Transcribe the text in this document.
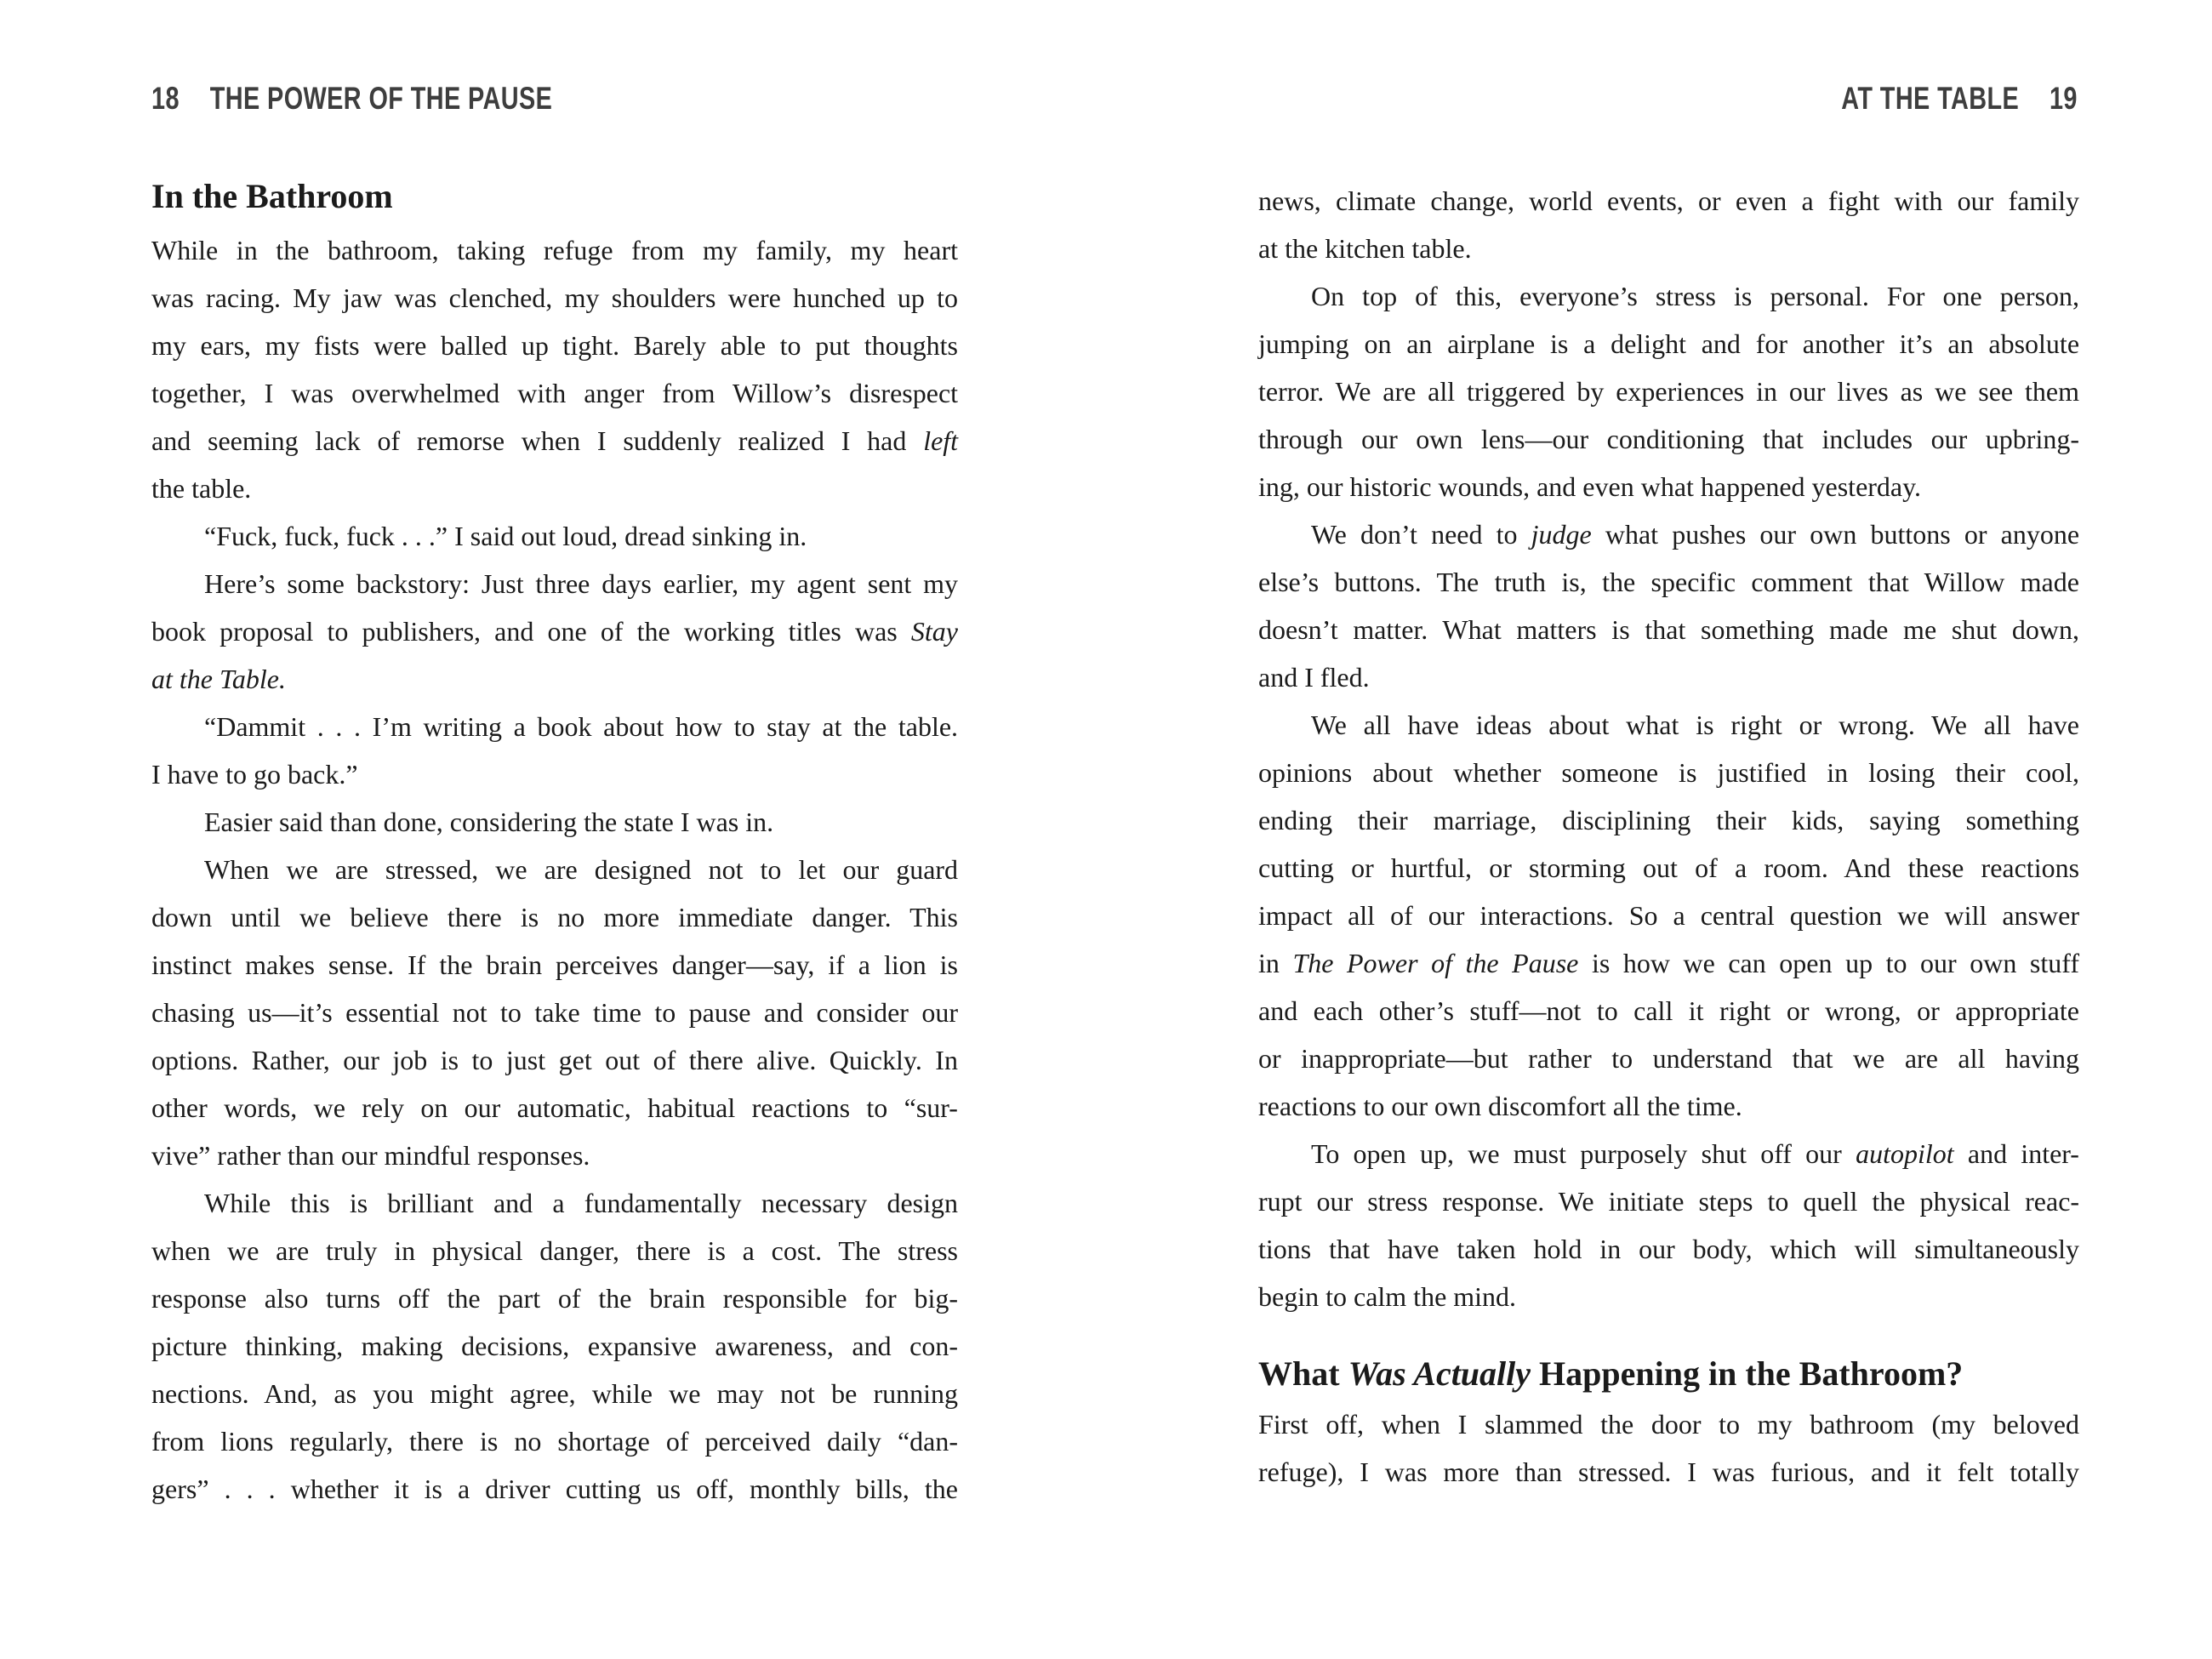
18 THE POWER OF THE PAUSE
In the Bathroom
While in the bathroom, taking refuge from my family, my heart
was racing. My jaw was clenched, my shoulders were hunched up to
my ears, my fists were balled up tight. Barely able to put thoughts
together, I was overwhelmed with anger from Willow’s disrespect
and seeming lack of remorse when I suddenly realized I had left
the table.
“Fuck, fuck, fuck . . .” I said out loud, dread sinking in.
Here’s some backstory: Just three days earlier, my agent sent my
book proposal to publishers, and one of the working titles was Stay
at the Table.
“Dammit . . . I’m writing a book about how to stay at the table.
I have to go back.”
Easier said than done, considering the state I was in.
When we are stressed, we are designed not to let our guard
down until we believe there is no more immediate danger. This
instinct makes sense. If the brain perceives danger—say, if a lion is
chasing us—it’s essential not to take time to pause and consider our
options. Rather, our job is to just get out of there alive. Quickly. In
other words, we rely on our automatic, habitual reactions to “sur-
vive” rather than our mindful responses.
While this is brilliant and a fundamentally necessary design
when we are truly in physical danger, there is a cost. The stress
response also turns off the part of the brain responsible for big-
picture thinking, making decisions, expansive awareness, and con-
nections. And, as you might agree, while we may not be running
from lions regularly, there is no shortage of perceived daily “dan-
gers” . . . whether it is a driver cutting us off, monthly bills, the
AT THE TABLE 19
news, climate change, world events, or even a fight with our family
at the kitchen table.
On top of this, everyone’s stress is personal. For one person,
jumping on an airplane is a delight and for another it’s an absolute
terror. We are all triggered by experiences in our lives as we see them
through our own lens—our conditioning that includes our upbring-
ing, our historic wounds, and even what happened yesterday.
We don’t need to judge what pushes our own buttons or anyone
else’s buttons. The truth is, the specific comment that Willow made
doesn’t matter. What matters is that something made me shut down,
and I fled.
We all have ideas about what is right or wrong. We all have
opinions about whether someone is justified in losing their cool,
ending their marriage, disciplining their kids, saying something
cutting or hurtful, or storming out of a room. And these reactions
impact all of our interactions. So a central question we will answer
in The Power of the Pause is how we can open up to our own stuff
and each other’s stuff—not to call it right or wrong, or appropriate
or inappropriate—but rather to understand that we are all having
reactions to our own discomfort all the time.
To open up, we must purposely shut off our autopilot and inter-
rupt our stress response. We initiate steps to quell the physical reac-
tions that have taken hold in our body, which will simultaneously
begin to calm the mind.
What Was Actually Happening in the Bathroom?
First off, when I slammed the door to my bathroom (my beloved
refuge), I was more than stressed. I was furious, and it felt totally
